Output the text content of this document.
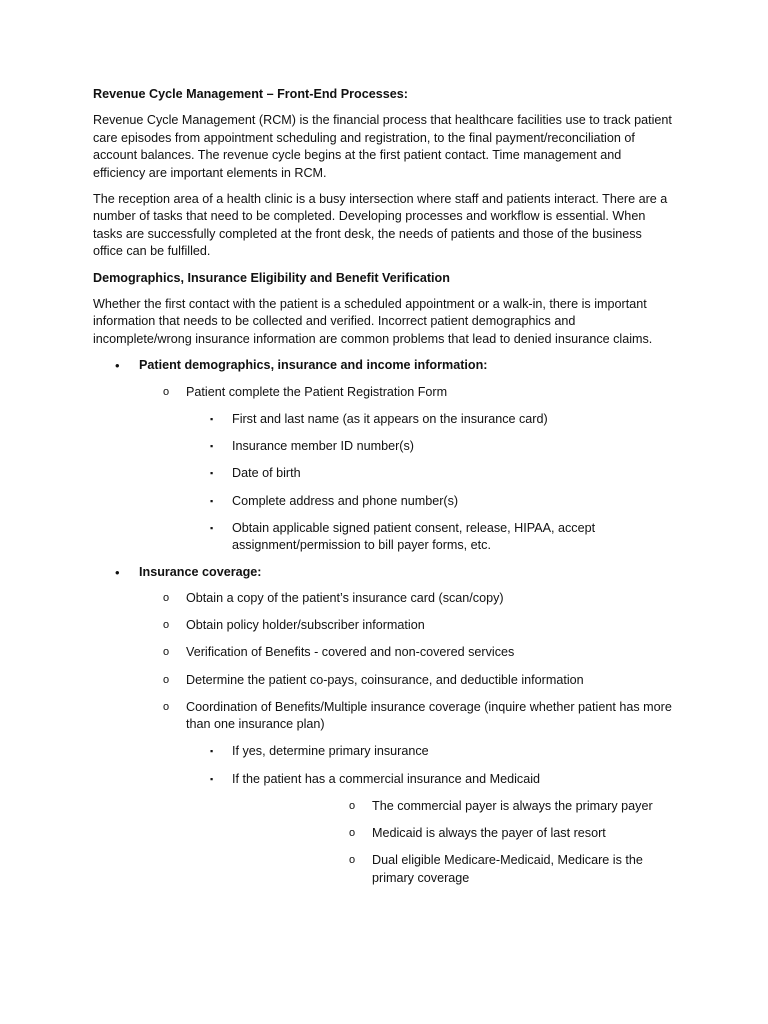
Revenue Cycle Management – Front-End Processes:

Revenue Cycle Management (RCM) is the financial process that healthcare facilities use to track patient care episodes from appointment scheduling and registration, to the final payment/reconciliation of account balances. The revenue cycle begins at the first patient contact. Time management and efficiency are important elements in RCM.

The reception area of a health clinic is a busy intersection where staff and patients interact. There are a number of tasks that need to be completed. Developing processes and workflow is essential. When tasks are successfully completed at the front desk, the needs of patients and those of the business office can be fulfilled.

Demographics, Insurance Eligibility and Benefit Verification

Whether the first contact with the patient is a scheduled appointment or a walk-in, there is important information that needs to be collected and verified. Incorrect patient demographics and incomplete/wrong insurance information are common problems that lead to denied insurance claims.

• Patient demographics, insurance and income information:
o Patient complete the Patient Registration Form
▪ First and last name (as it appears on the insurance card)
▪ Insurance member ID number(s)
▪ Date of birth
▪ Complete address and phone number(s)
▪ Obtain applicable signed patient consent, release, HIPAA, accept assignment/permission to bill payer forms, etc.
• Insurance coverage:
o Obtain a copy of the patient’s insurance card (scan/copy)
o Obtain policy holder/subscriber information
o Verification of Benefits - covered and non-covered services
o Determine the patient co-pays, coinsurance, and deductible information
o Coordination of Benefits/Multiple insurance coverage (inquire whether patient has more than one insurance plan)
▪ If yes, determine primary insurance
▪ If the patient has a commercial insurance and Medicaid
o The commercial payer is always the primary payer
o Medicaid is always the payer of last resort
o Dual eligible Medicare-Medicaid, Medicare is the primary coverage
